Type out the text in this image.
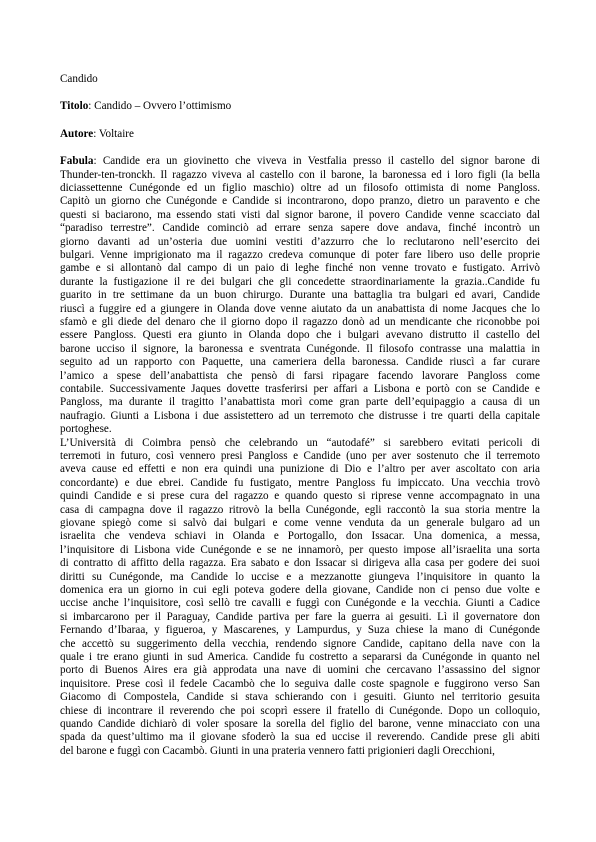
Candido
Titolo: Candido – Ovvero l’ottimismo
Autore: Voltaire
Fabula: Candide era un giovinetto che viveva in Vestfalia presso il castello del signor barone di
Thunder-ten-tronckh. Il ragazzo viveva al castello con il barone, la baronessa ed i loro figli (la bella
diciassettenne Cunégonde ed un figlio maschio) oltre ad un filosofo ottimista di nome Pangloss.
Capitò un giorno che Cunégonde e Candide si incontrarono, dopo pranzo, dietro un paravento e che
questi si baciarono, ma essendo stati visti dal signor barone, il povero Candide venne scacciato dal
“paradiso terrestre”. Candide cominciò ad errare senza sapere dove andava, finché incontrò un
giorno davanti ad un’osteria due uomini vestiti d’azzurro che lo reclutarono nell’esercito dei
bulgari. Venne imprigionato ma il ragazzo credeva comunque di poter fare libero uso delle proprie
gambe e si allontanò dal campo di un paio di leghe finché non venne trovato e fustigato. Arrivò
durante la fustigazione il re dei bulgari che gli concedette straordinariamente la grazia..Candide fu
guarito in tre settimane da un buon chirurgo. Durante una battaglia tra bulgari ed avari, Candide
riuscì a fuggire ed a giungere in Olanda dove venne aiutato da un anabattista di nome Jacques che lo
sfamò e gli diede del denaro che il giorno dopo il ragazzo donò ad un mendicante che riconobbe poi
essere Pangloss. Questi era giunto in Olanda dopo che i bulgari avevano distrutto il castello del
barone ucciso il signore, la baronessa e sventrata Cunégonde. Il filosofo contrasse una malattia in
seguito ad un rapporto con Paquette, una cameriera della baronessa. Candide riuscì a far curare
l’amico a spese dell’anabattista che pensò di farsi ripagare facendo lavorare Pangloss come
contabile. Successivamente Jaques dovette trasferirsi per affari a Lisbona e portò con se Candide e
Pangloss, ma durante il tragitto l’anabattista morì come gran parte dell’equipaggio a causa di un
naufragio. Giunti a Lisbona i due assistettero ad un terremoto che distrusse i tre quarti della capitale
portoghese.
L’Università di Coimbra pensò che celebrando un “autodafé” si sarebbero evitati pericoli di
terremoti in futuro, così vennero presi Pangloss e Candide (uno per aver sostenuto che il terremoto
aveva cause ed effetti e non era quindi una punizione di Dio e l’altro per aver ascoltato con aria
concordante) e due ebrei. Candide fu fustigato, mentre Pangloss fu impiccato. Una vecchia trovò
quindi Candide e si prese cura del ragazzo e quando questo si riprese venne accompagnato in una
casa di campagna dove il ragazzo ritrovò la bella Cunégonde, egli raccontò la sua storia mentre la
giovane spiegò come si salvò dai bulgari e come venne venduta da un generale bulgaro ad un
israelita che vendeva schiavi in Olanda e Portogallo, don Issacar. Una domenica, a messa,
l’inquisitore di Lisbona vide Cunégonde e se ne innamorò, per questo impose all’israelita una sorta
di contratto di affitto della ragazza. Era sabato e don Issacar si dirigeva alla casa per godere dei suoi
diritti su Cunégonde, ma Candide lo uccise e a mezzanotte giungeva l’inquisitore in quanto la
domenica era un giorno in cui egli poteva godere della giovane, Candide non ci penso due volte e
uccise anche l’inquisitore, così sellò tre cavalli e fuggì con Cunégonde e la vecchia. Giunti a Cadice
si imbarcarono per il Paraguay, Candide partiva per fare la guerra ai gesuiti. Lì il governatore don
Fernando d’Ibaraa, y figueroa, y Mascarenes, y Lampurdus, y Suza chiese la mano di Cunégonde
che accettò su suggerimento della vecchia, rendendo signore Candide, capitano della nave con la
quale i tre erano giunti in sud America. Candide fu costretto a separarsi da Cunégonde in quanto nel
porto di Buenos Aires era già approdata una nave di uomini che cercavano l’assassino del signor
inquisitore. Prese così il fedele Cacambò che lo seguiva dalle coste spagnole e fuggirono verso San
Giacomo di Compostela, Candide si stava schierando con i gesuiti. Giunto nel territorio gesuita
chiese di incontrare il reverendo che poi scoprì essere il fratello di Cunégonde. Dopo un colloquio,
quando Candide dichiarò di voler sposare la sorella del figlio del barone, venne minacciato con una
spada da quest’ultimo ma il giovane sfoderò la sua ed uccise il reverendo. Candide prese gli abiti
del barone e fuggì con Cacambò. Giunti in una prateria vennero fatti prigionieri dagli Orecchioni,
